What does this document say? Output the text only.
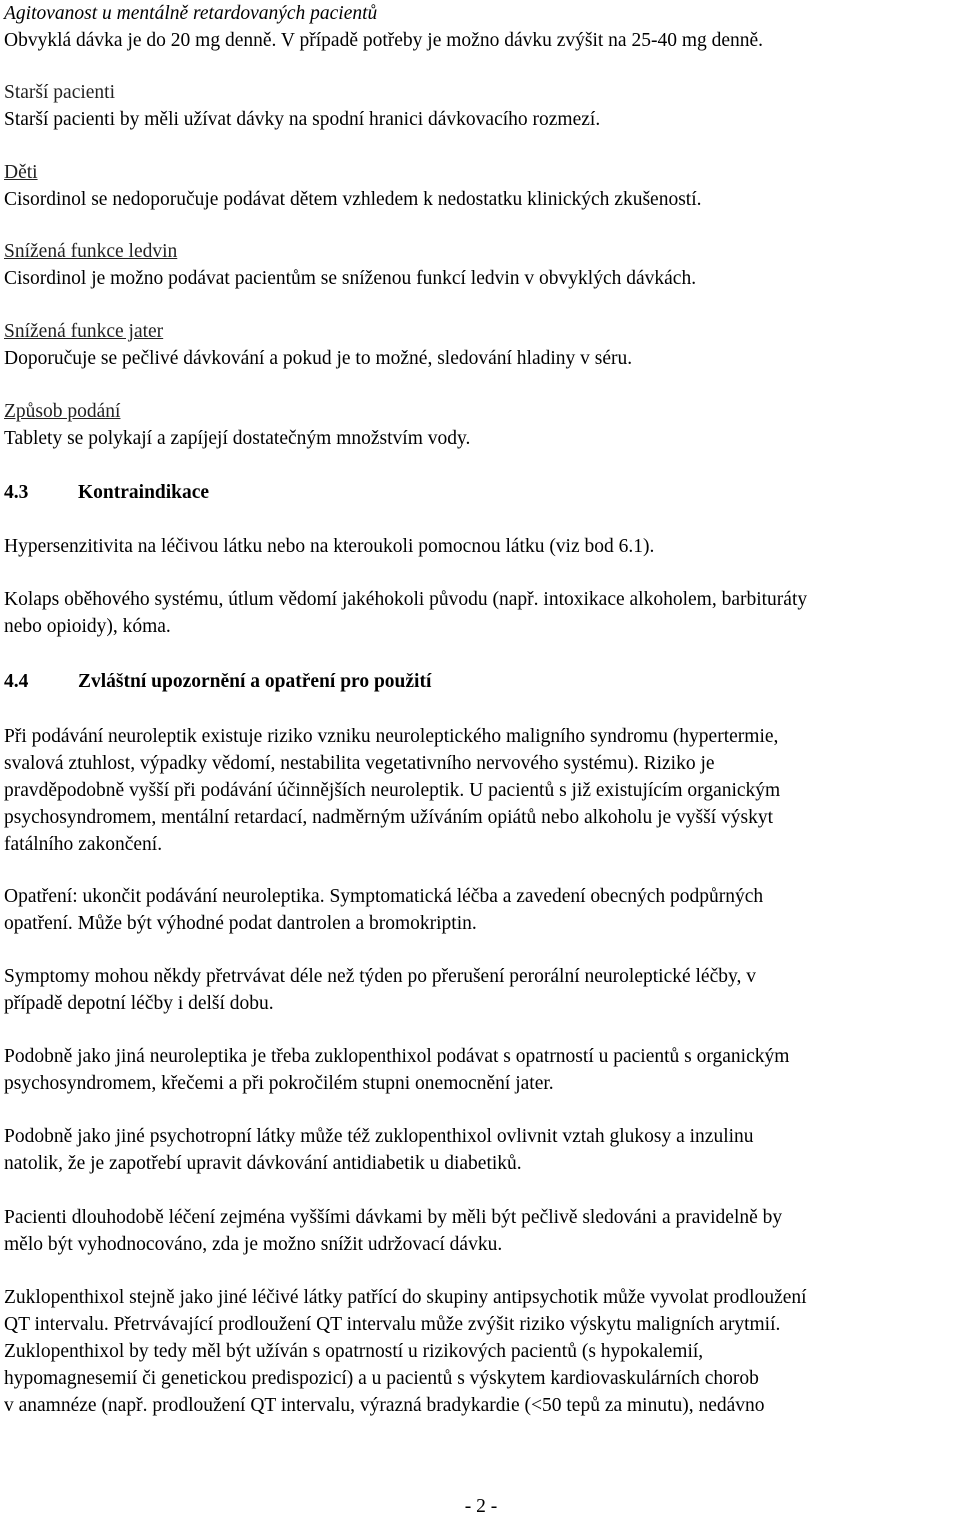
Agitovanost u mentálně retardovaných pacientů
Obvyklá dávka je do 20 mg denně. V případě potřeby je možno dávku zvýšit na 25-40 mg denně.
Starší pacienti
Starší pacienti by měli užívat dávky na spodní hranici dávkovacího rozmezí.
Děti
Cisordinol se nedoporučuje podávat dětem vzhledem k nedostatku klinických zkušeností.
Snížená funkce ledvin
Cisordinol je možno podávat pacientům se sníženou funkcí ledvin v obvyklých dávkách.
Snížená funkce jater
Doporučuje se pečlivé dávkování a pokud je to možné, sledování hladiny v séru.
Způsob podání
Tablety se polykají a zapíjejí dostatečným množstvím vody.
4.3	Kontraindikace
Hypersenzitivita na léčivou látku nebo na kteroukoli pomocnou látku (viz bod 6.1).
Kolaps oběhového systému, útlum vědomí jakéhokoli původu (např. intoxikace alkoholem, barbituráty
nebo opioidy), kóma.
4.4	Zvláštní upozornění a opatření pro použití
Při podávání neuroleptik existuje riziko vzniku neuroleptického maligního syndromu (hypertermie,
svalová ztuhlost, výpadky vědomí, nestabilita vegetativního nervového systému). Riziko je
pravděpodobně vyšší při podávání účinnějších neuroleptik. U pacientů s již existujícím organickým
psychosyndromem, mentální retardací, nadměrným užíváním opiátů nebo alkoholu je vyšší výskyt
fatálního zakončení.
Opatření: ukončit podávání neuroleptika. Symptomatická léčba a zavedení obecných podpůrných
opatření. Může být výhodné podat dantrolen a bromokriptin.
Symptomy mohou někdy přetrvávat déle než týden po přerušení perorální neuroleptické léčby, v
případě depotní léčby i delší dobu.
Podobně jako jiná neuroleptika je třeba zuklopenthixol podávat s opatrností u pacientů s organickým
psychosyndromem, křečemi a při pokročilém stupni onemocnění jater.
Podobně jako jiné psychotropní látky může též zuklopenthixol ovlivnit vztah glukosy a inzulinu
natolik, že je zapotřebí upravit dávkování antidiabetik u diabetiků.
Pacienti dlouhodobě léčení zejména vyššími dávkami by měli být pečlivě sledováni a pravidelně by
mělo být vyhodnocováno, zda je možno snížit udržovací dávku.
Zuklopenthixol stejně jako jiné léčivé látky patřící do skupiny antipsychotik může vyvolat prodloužení
QT intervalu. Přetrvávající prodloužení QT intervalu může zvýšit riziko výskytu maligních arytmií.
Zuklopenthixol by tedy měl být užíván s opatrností u rizikových pacientů (s hypokalemií,
hypomagnesemií či genetickou predispozicí) a u pacientů s výskytem kardiovaskulárních chorob
v anamnéze (např. prodloužení QT intervalu, výrazná bradykardie (<50 tepů za minutu), nedávno
- 2 -
